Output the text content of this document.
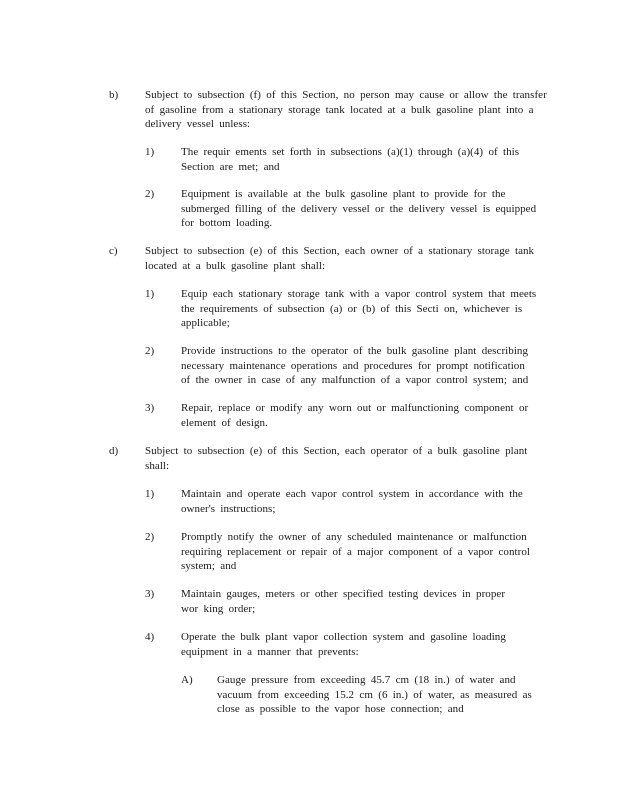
b) Subject to subsection (f) of this Section, no person may cause or allow the transfer
of gasoline from a stationary storage tank located at a bulk gasoline plant into a
delivery vessel unless:
1) The requir ements set forth in subsections (a)(1) through (a)(4) of this
Section are met; and
2) Equipment is available at the bulk gasoline plant to provide for the
submerged filling of the delivery vessel or the delivery vessel is equipped
for bottom loading.
c) Subject to subsection (e) of this Section, each owner of a stationary storage tank
located at a bulk gasoline plant shall:
1) Equip each stationary storage tank with a vapor control system that meets
the requirements of subsection (a) or (b) of this Secti on, whichever is
applicable;
2) Provide instructions to the operator of the bulk gasoline plant describing
necessary maintenance operations and procedures for prompt notification
of the owner in case of any malfunction of a vapor control system; and
3) Repair, replace or modify any worn out or malfunctioning component or
element of design.
d) Subject to subsection (e) of this Section, each operator of a bulk gasoline plant
shall:
1) Maintain and operate each vapor control system in accordance with the
owner's instructions;
2) Promptly notify the owner of any scheduled maintenance or malfunction
requiring replacement or repair of a major component of a vapor control
system; and
3) Maintain gauges, meters or other specified testing devices in proper
wor king order;
4) Operate the bulk plant vapor collection system and gasoline loading
equipment in a manner that prevents:
A) Gauge pressure from exceeding 45.7 cm (18 in.) of water and
vacuum from exceeding 15.2 cm (6 in.) of water, as measured as
close as possible to the vapor hose connection; and
